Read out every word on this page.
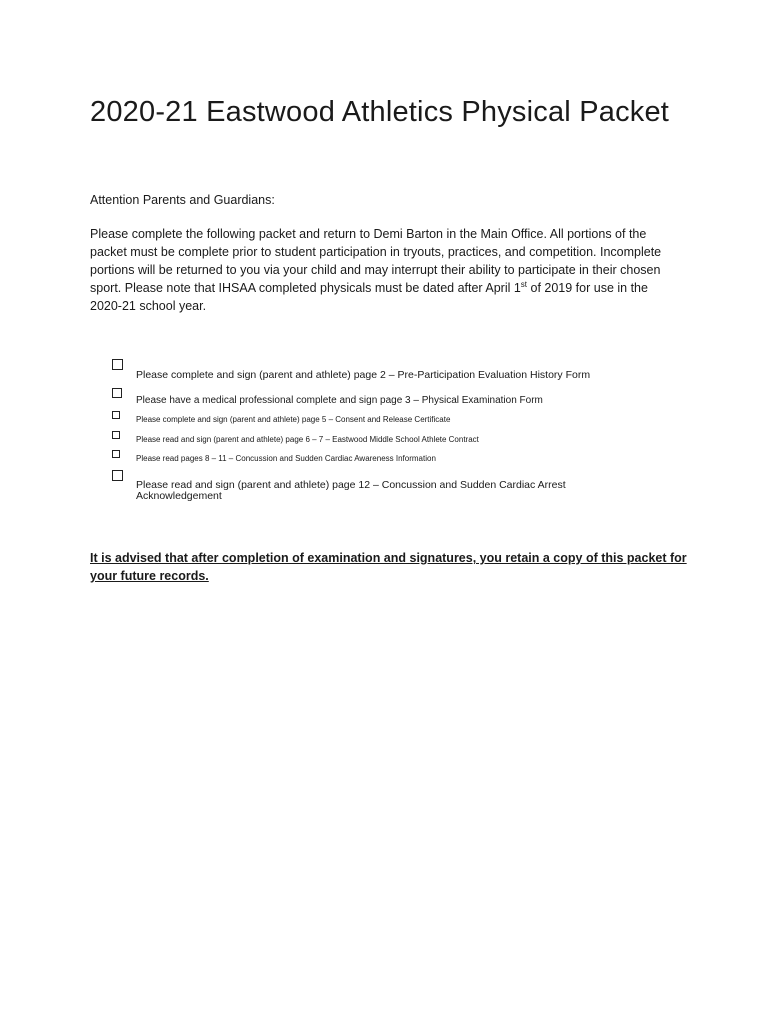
2020-21 Eastwood Athletics Physical Packet

Attention Parents and Guardians:

Please complete the following packet and return to Demi Barton in the Main Office. All portions of the packet must be complete prior to student participation in tryouts, practices, and competition. Incomplete portions will be returned to you via your child and may interrupt their ability to participate in their chosen sport. Please note that IHSAA completed physicals must be dated after April 1st of 2019 for use in the 2020-21 school year.

Please complete and sign (parent and athlete) page 2 – Pre-Participation Evaluation History Form
Please have a medical professional complete and sign page 3 – Physical Examination Form
Please complete and sign (parent and athlete) page 5 – Consent and Release Certificate
Please read and sign (parent and athlete) page 6 – 7 – Eastwood Middle School Athlete Contract
Please read pages 8 – 11 – Concussion and Sudden Cardiac Awareness Information
Please read and sign (parent and athlete) page 12 – Concussion and Sudden Cardiac Arrest Acknowledgement

It is advised that after completion of examination and signatures, you retain a copy of this packet for your future records.
